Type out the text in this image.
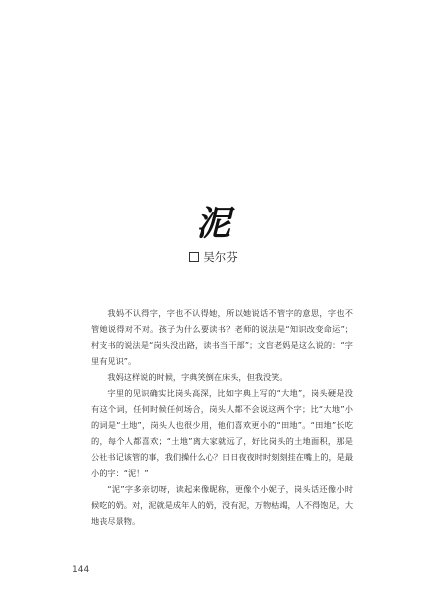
泥
吴尔芬

我妈不认得字，字也不认得她，所以她说话不管字的意思，字也不管她说得对不对。孩子为什么要读书？老师的说法是“知识改变命运”；村支书的说法是“岗头没出路，读书当干部”；文盲老妈是这么说的：“字里有见识”。

我妈这样说的时候，字典笑倒在床头，但我没笑。

字里的见识确实比岗头高深，比如字典上写的“大地”，岗头硬是没有这个词，任何时候任何场合，岗头人都不会说这两个字；比“大地”小的词是“土地”，岗头人也很少用，他们喜欢更小的“田地”。“田地”长吃的，每个人都喜欢；“土地”离大家就远了，好比岗头的土地面积，那是公社书记该管的事，我们操什么心？日日夜夜时时刻刻挂在嘴上的，是最小的字：“泥！”

“泥”字多亲切呀，读起来像昵称，更像个小妮子，岗头话还像小时候吃的奶。对，泥就是成年人的奶，没有泥，万物枯竭，人不得饱足，大地丧尽景物。

144
